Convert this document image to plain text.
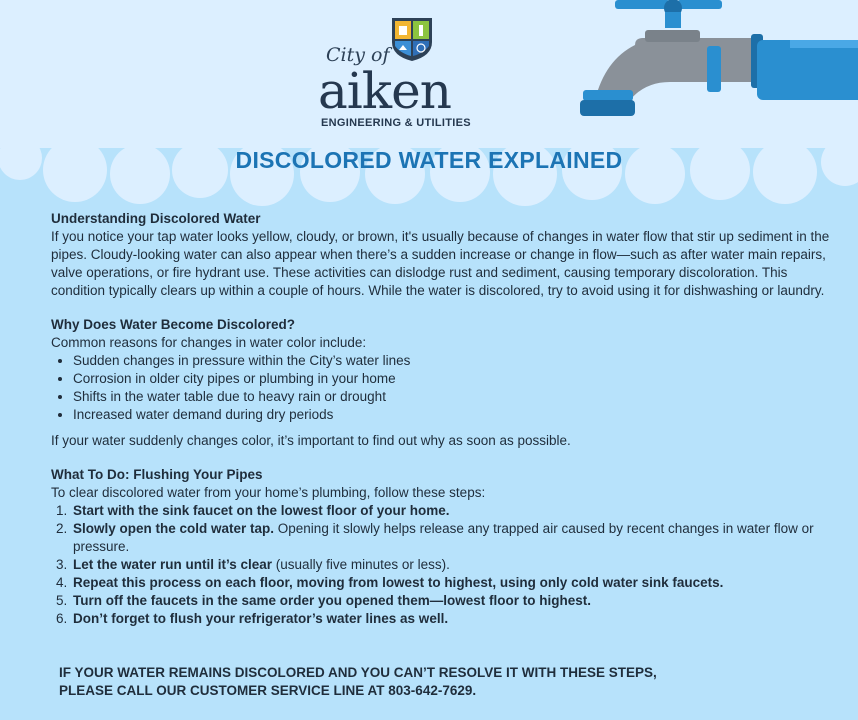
City of
aiken
ENGINEERING & UTILITIES
DISCOLORED WATER EXPLAINED

Understanding Discolored Water

If you notice your tap water looks yellow, cloudy, or brown, it's usually because of changes in water flow that stir up sediment in the pipes. Cloudy-looking water can also appear when there’s a sudden increase or change in flow—such as after water main repairs, valve operations, or fire hydrant use. These activities can dislodge rust and sediment, causing temporary discoloration. This condition typically clears up within a couple of hours. While the water is discolored, try to avoid using it for dishwashing or laundry.

Why Does Water Become Discolored?

Common reasons for changes in water color include:

• Sudden changes in pressure within the City’s water lines
• Corrosion in older city pipes or plumbing in your home
• Shifts in the water table due to heavy rain or drought
• Increased water demand during dry periods

If your water suddenly changes color, it’s important to find out why as soon as possible.

What To Do: Flushing Your Pipes

To clear discolored water from your home’s plumbing, follow these steps:

1. Start with the sink faucet on the lowest floor of your home.
2. Slowly open the cold water tap. Opening it slowly helps release any trapped air caused by recent changes in water flow or pressure.
3. Let the water run until it’s clear (usually five minutes or less).
4. Repeat this process on each floor, moving from lowest to highest, using only cold water sink faucets.
5. Turn off the faucets in the same order you opened them—lowest floor to highest.
6. Don’t forget to flush your refrigerator’s water lines as well.
IF YOUR WATER REMAINS DISCOLORED AND YOU CAN’T RESOLVE IT WITH THESE STEPS,
PLEASE CALL OUR CUSTOMER SERVICE LINE AT 803-642-7629.
